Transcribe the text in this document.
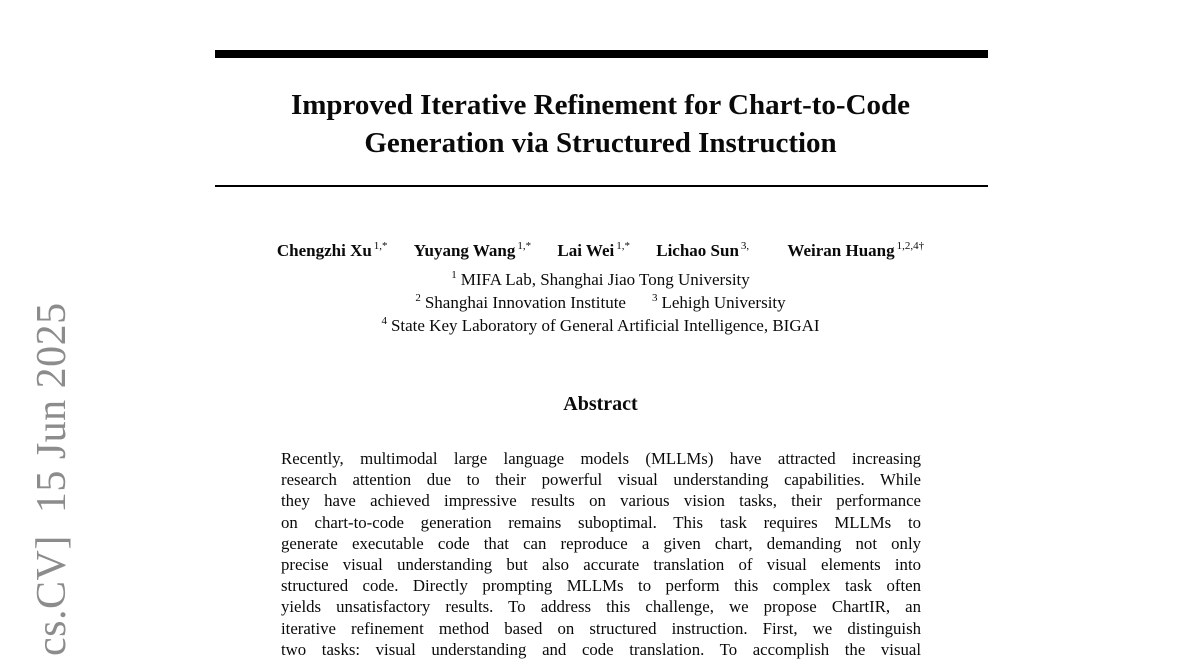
cs.CV]  15 Jun 2025
Improved Iterative Refinement for Chart-to-Code
Generation via Structured Instruction
Chengzhi Xu $^{1,*}$ Yuyang Wang $^{1,*}$ Lai Wei $^{1,*}$ Lichao Sun $^{3,}$ Weiran Huang $^{1,2,4\dagger}$
$^1$ MIFA Lab, Shanghai Jiao Tong University
$^2$ Shanghai Innovation Institute $^3$ Lehigh University
$^4$ State Key Laboratory of General Artificial Intelligence, BIGAI
Abstract
Recently, multimodal large language models (MLLMs) have attracted increasing
research attention due to their powerful visual understanding capabilities. While
they have achieved impressive results on various vision tasks, their performance
on chart-to-code generation remains suboptimal. This task requires MLLMs to
generate executable code that can reproduce a given chart, demanding not only
precise visual understanding but also accurate translation of visual elements into
structured code. Directly prompting MLLMs to perform this complex task often
yields unsatisfactory results. To address this challenge, we propose ChartIR, an
iterative refinement method based on structured instruction. First, we distinguish
two tasks: visual understanding and code translation. To accomplish the visual
